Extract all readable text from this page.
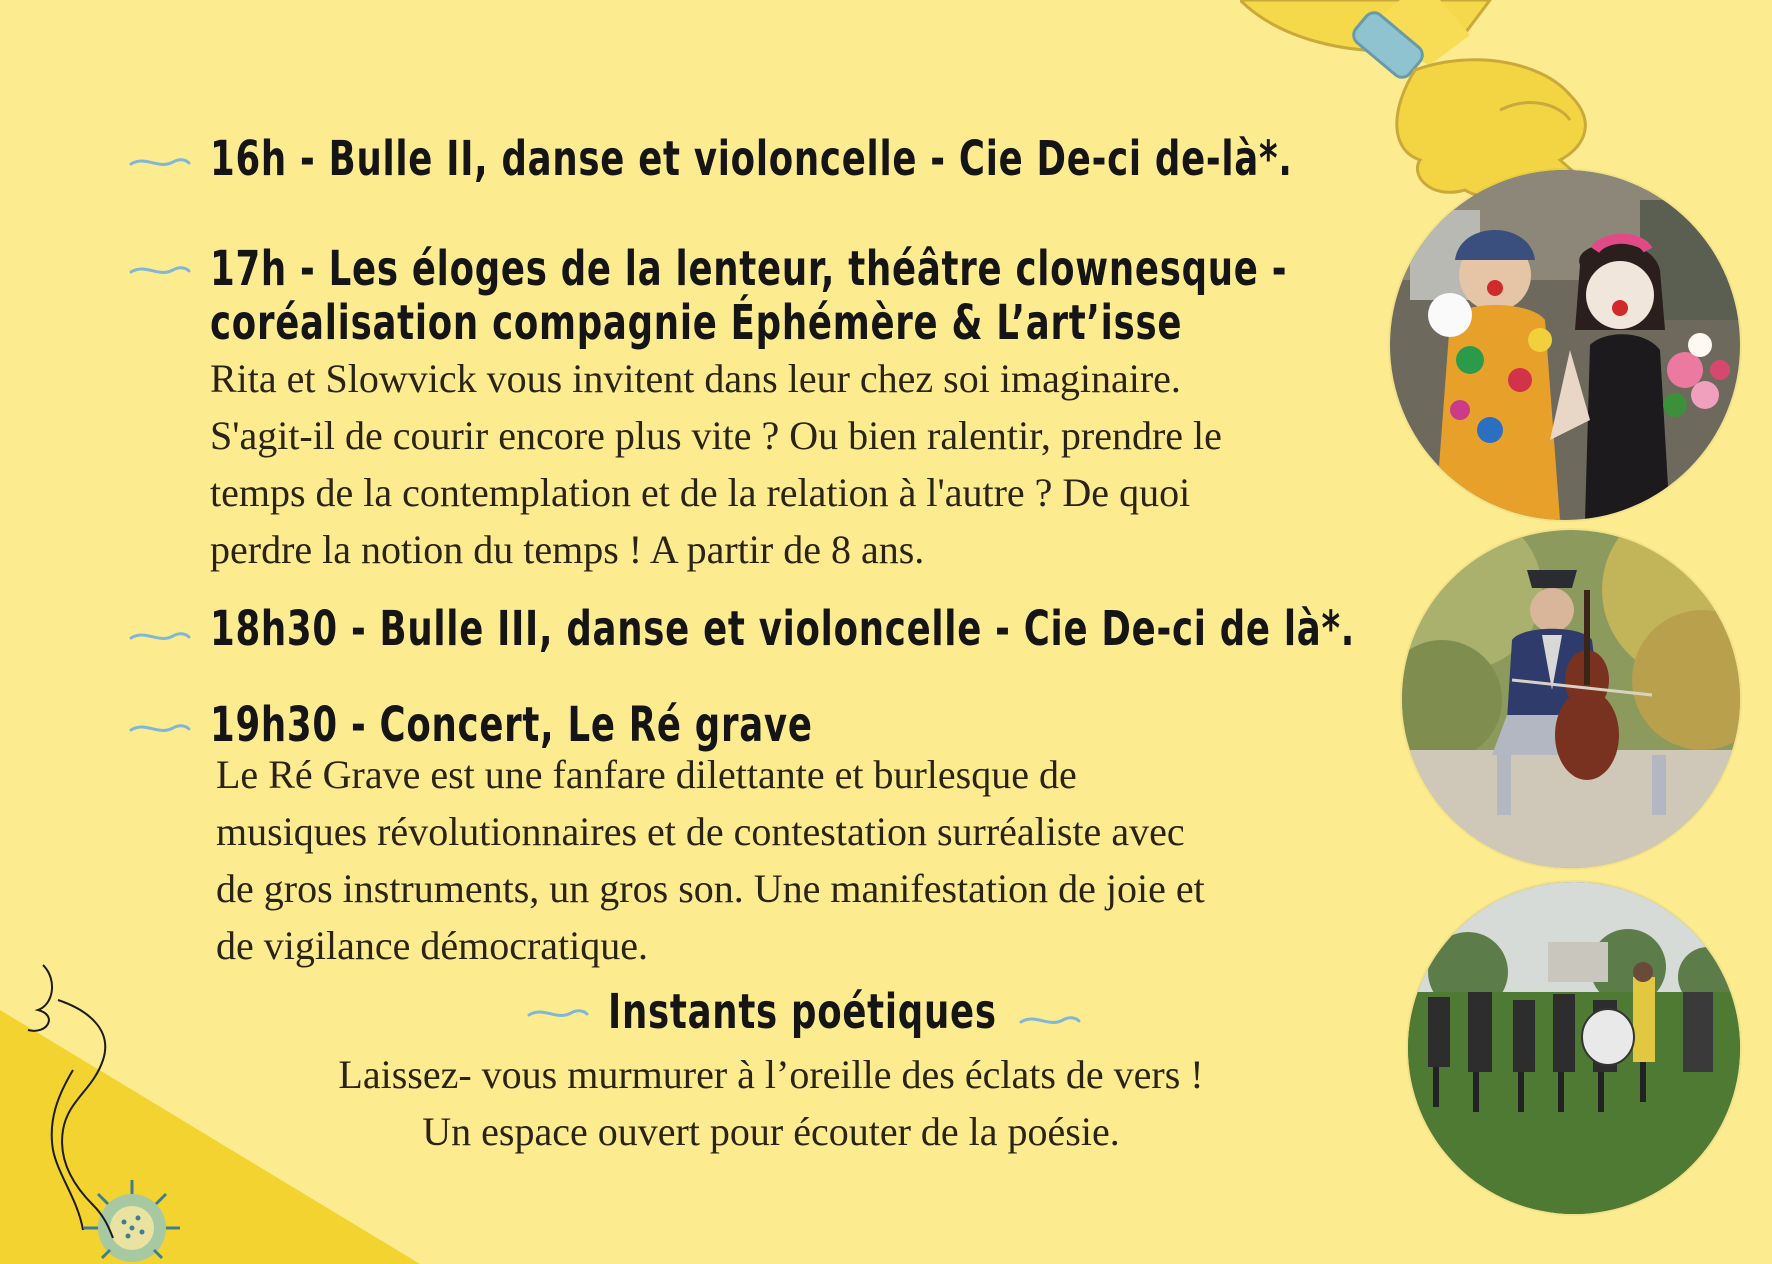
16h - Bulle II, danse et violoncelle - Cie De-ci de-là*.
17h - Les éloges de la lenteur, théâtre clownesque -
coréalisation compagnie Éphémère & L’art’isse
Rita et Slowvick vous invitent dans leur chez soi imaginaire.
S'agit-il de courir encore plus vite ? Ou bien ralentir, prendre le
temps de la contemplation et de la relation à l'autre ? De quoi
perdre la notion du temps ! A partir de 8 ans.
18h30 - Bulle III, danse et violoncelle - Cie De-ci de là*.
19h30 - Concert, Le Ré grave
Le Ré Grave est une fanfare dilettante et burlesque de
musiques révolutionnaires et de contestation surréaliste avec
de gros instruments, un gros son. Une manifestation de joie et
de vigilance démocratique.
Instants poétiques
Laissez- vous murmurer à l’oreille des éclats de vers !
Un espace ouvert pour écouter de la poésie.
